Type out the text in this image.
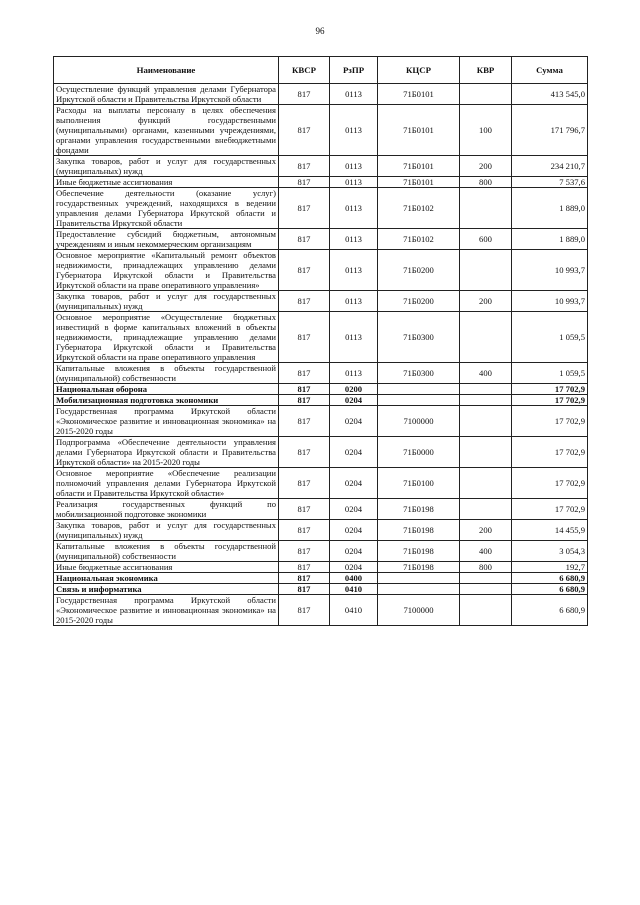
96
Наименование	КВСР	РзПР	КЦСР	КВР	Сумма
Осуществление функций управления делами Губернатора Иркутской области и Правительства Иркутской области	817	0113	71Б0101		413 545,0
Расходы на выплаты персоналу в целях обеспечения выполнения функций государственными (муниципальными) органами, казенными учреждениями, органами управления государственными внебюджетными фондами	817	0113	71Б0101	100	171 796,7
Закупка товаров, работ и услуг для государственных (муниципальных) нужд	817	0113	71Б0101	200	234 210,7
Иные бюджетные ассигнования	817	0113	71Б0101	800	7 537,6
Обеспечение деятельности (оказание услуг) государственных учреждений, находящихся в ведении управления делами Губернатора Иркутской области и Правительства Иркутской области	817	0113	71Б0102		1 889,0
Предоставление субсидий бюджетным, автономным учреждениям и иным некоммерческим организациям	817	0113	71Б0102	600	1 889,0
Основное мероприятие «Капитальный ремонт объектов недвижимости, принадлежащих управлению делами Губернатора Иркутской области и Правительства Иркутской области на праве оперативного управления»	817	0113	71Б0200		10 993,7
Закупка товаров, работ и услуг для государственных (муниципальных) нужд	817	0113	71Б0200	200	10 993,7
Основное мероприятие «Осуществление бюджетных инвестиций в форме капитальных вложений в объекты недвижимости, принадлежащие управлению делами Губернатора Иркутской области и Правительства Иркутской области на праве оперативного управления	817	0113	71Б0300		1 059,5
Капитальные вложения в объекты государственной (муниципальной) собственности	817	0113	71Б0300	400	1 059,5
Национальная оборона	817	0200			17 702,9
Мобилизационная подготовка экономики	817	0204			17 702,9
Государственная программа Иркутской области «Экономическое развитие и инновационная экономика» на 2015-2020 годы	817	0204	7100000		17 702,9
Подпрограмма «Обеспечение деятельности управления делами Губернатора Иркутской области и Правительства Иркутской области» на 2015-2020 годы	817	0204	71Б0000		17 702,9
Основное мероприятие «Обеспечение реализации полномочий управления делами Губернатора Иркутской области и Правительства Иркутской области»	817	0204	71Б0100		17 702,9
Реализация государственных функций по мобилизационной подготовке экономики	817	0204	71Б0198		17 702,9
Закупка товаров, работ и услуг для государственных (муниципальных) нужд	817	0204	71Б0198	200	14 455,9
Капитальные вложения в объекты государственной (муниципальной) собственности	817	0204	71Б0198	400	3 054,3
Иные бюджетные ассигнования	817	0204	71Б0198	800	192,7
Национальная экономика	817	0400			6 680,9
Связь и информатика	817	0410			6 680,9
Государственная программа Иркутской области «Экономическое развитие и инновационная экономика» на 2015-2020 годы	817	0410	7100000		6 680,9
